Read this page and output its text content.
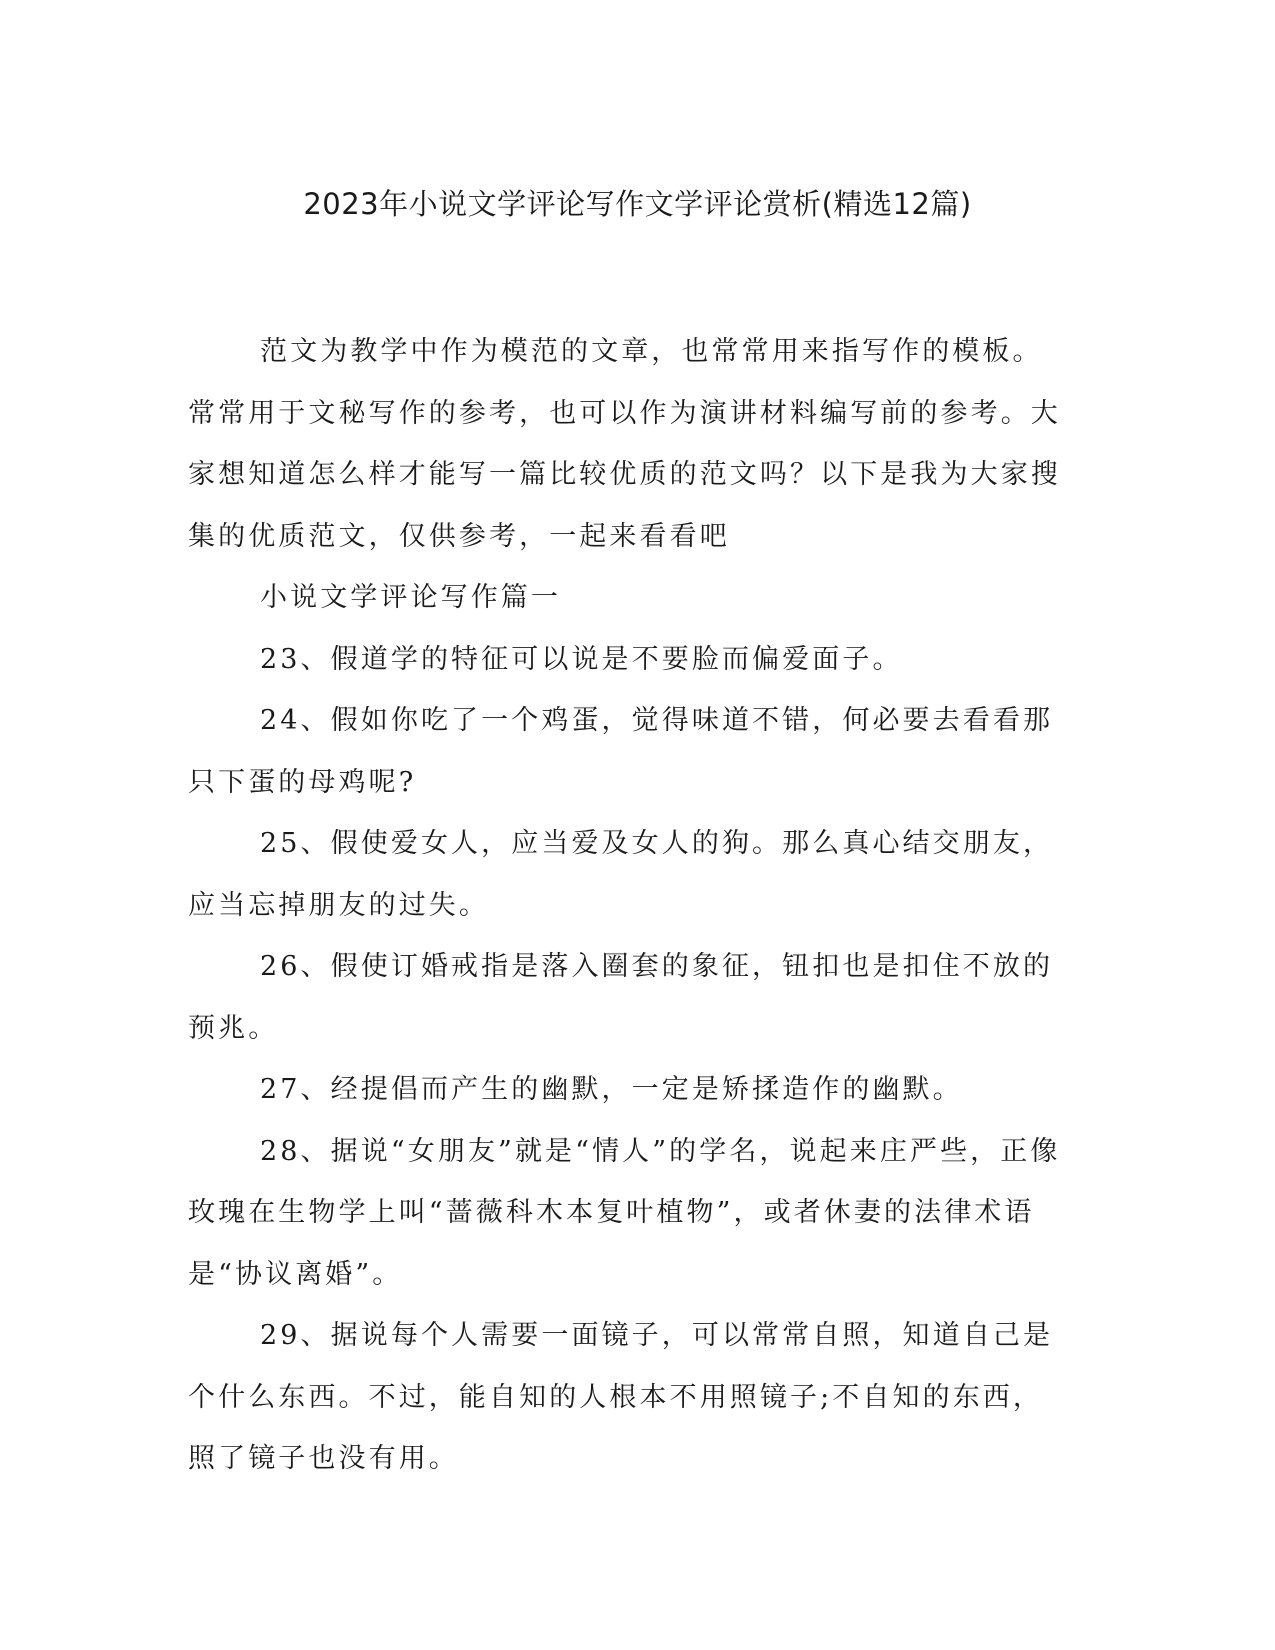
2023年小说文学评论写作文学评论赏析(精选12篇)

范文为教学中作为模范的文章，也常常用来指写作的模板。常常用于文秘写作的参考，也可以作为演讲材料编写前的参考。大家想知道怎么样才能写一篇比较优质的范文吗？以下是我为大家搜集的优质范文，仅供参考，一起来看看吧

小说文学评论写作篇一

23、假道学的特征可以说是不要脸而偏爱面子。

24、假如你吃了一个鸡蛋，觉得味道不错，何必要去看看那只下蛋的母鸡呢?

25、假使爱女人，应当爱及女人的狗。那么真心结交朋友，应当忘掉朋友的过失。

26、假使订婚戒指是落入圈套的象征，钮扣也是扣住不放的预兆。

27、经提倡而产生的幽默，一定是矫揉造作的幽默。

28、据说“女朋友”就是“情人”的学名，说起来庄严些，正像玫瑰在生物学上叫“蔷薇科木本复叶植物”，或者休妻的法律术语是“协议离婚”。

29、据说每个人需要一面镜子，可以常常自照，知道自己是个什么东西。不过，能自知的人根本不用照镜子;不自知的东西，照了镜子也没有用。
